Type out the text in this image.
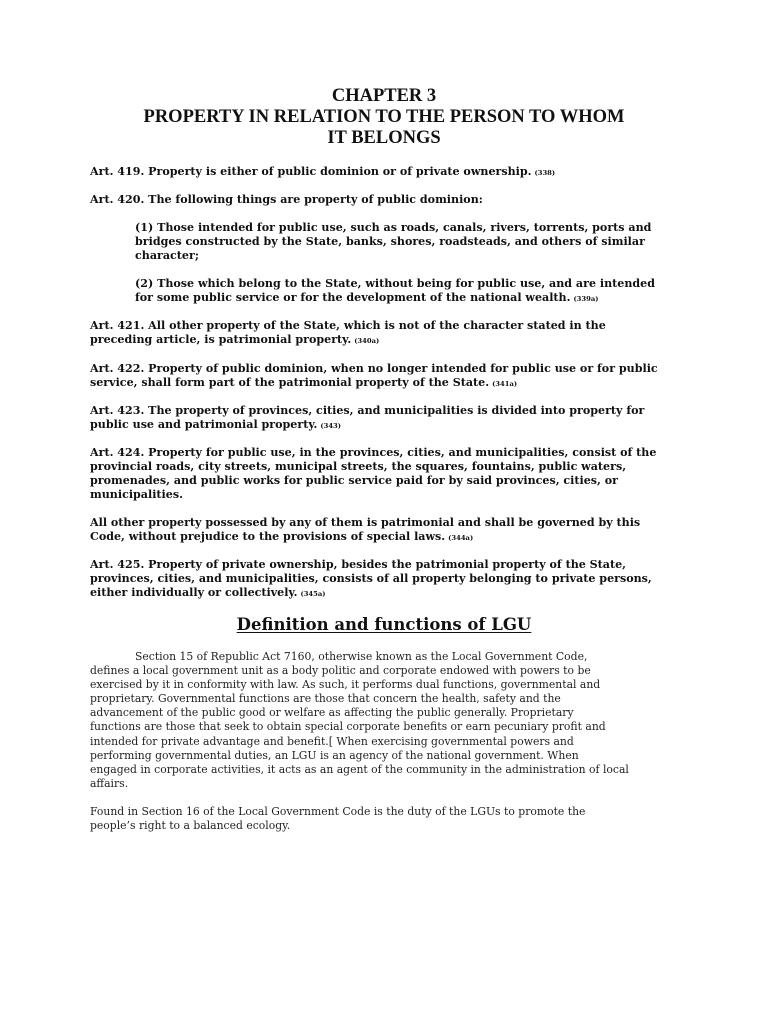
CHAPTER 3
PROPERTY IN RELATION TO THE PERSON TO WHOM
IT BELONGS
Art. 419. Property is either of public dominion or of private ownership. (338)
Art. 420. The following things are property of public dominion:
(1) Those intended for public use, such as roads, canals, rivers, torrents, ports and
bridges constructed by the State, banks, shores, roadsteads, and others of similar
character;
(2) Those which belong to the State, without being for public use, and are intended
for some public service or for the development of the national wealth. (339a)
Art. 421. All other property of the State, which is not of the character stated in the
preceding article, is patrimonial property. (340a)
Art. 422. Property of public dominion, when no longer intended for public use or for public
service, shall form part of the patrimonial property of the State. (341a)
Art. 423. The property of provinces, cities, and municipalities is divided into property for
public use and patrimonial property. (343)
Art. 424. Property for public use, in the provinces, cities, and municipalities, consist of the
provincial roads, city streets, municipal streets, the squares, fountains, public waters,
promenades, and public works for public service paid for by said provinces, cities, or
municipalities.
All other property possessed by any of them is patrimonial and shall be governed by this
Code, without prejudice to the provisions of special laws. (344a)
Art. 425. Property of private ownership, besides the patrimonial property of the State,
provinces, cities, and municipalities, consists of all property belonging to private persons,
either individually or collectively. (345a)
Definition and functions of LGU
Section 15 of Republic Act 7160, otherwise known as the Local Government Code,
defines a local government unit as a body politic and corporate endowed with powers to be
exercised by it in conformity with law. As such, it performs dual functions, governmental and
proprietary. Governmental functions are those that concern the health, safety and the
advancement of the public good or welfare as affecting the public generally. Proprietary
functions are those that seek to obtain special corporate benefits or earn pecuniary profit and
intended for private advantage and benefit.[ When exercising governmental powers and
performing governmental duties, an LGU is an agency of the national government. When
engaged in corporate activities, it acts as an agent of the community in the administration of local
affairs.
Found in Section 16 of the Local Government Code is the duty of the LGUs to promote the
people’s right to a balanced ecology.
